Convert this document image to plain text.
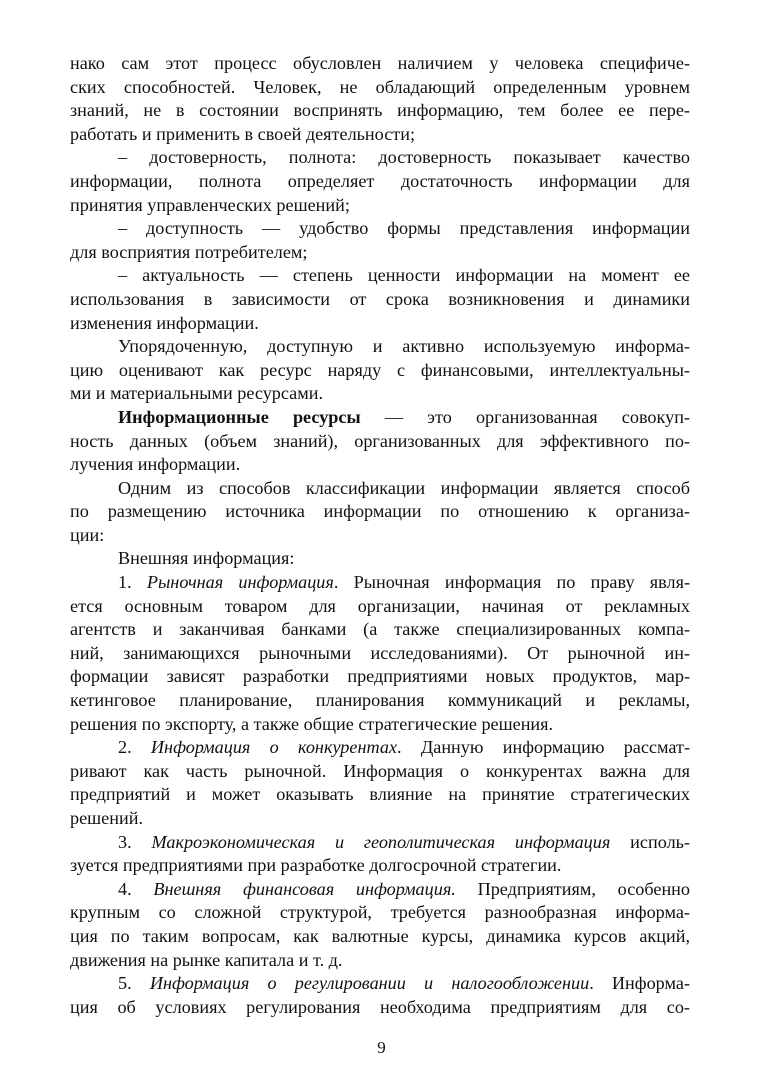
нако сам этот процесс обусловлен наличием у человека специфиче-
ских способностей. Человек, не обладающий определенным уровнем
знаний, не в состоянии воспринять информацию, тем более ее пере-
работать и применить в своей деятельности;
– достоверность, полнота: достоверность показывает качество
информации, полнота определяет достаточность информации для
принятия управленческих решений;
– доступность — удобство формы представления информации
для восприятия потребителем;
– актуальность — степень ценности информации на момент ее
использования в зависимости от срока возникновения и динамики
изменения информации.
Упорядоченную, доступную и активно используемую информа-
цию оценивают как ресурс наряду с финансовыми, интеллектуальны-
ми и материальными ресурсами.
Информационные ресурсы — это организованная совокуп-
ность данных (объем знаний), организованных для эффективного по-
лучения информации.
Одним из способов классификации информации является способ
по размещению источника информации по отношению к организа-
ции:
Внешняя информация:
1. Рыночная информация. Рыночная информация по праву явля-
ется основным товаром для организации, начиная от рекламных
агентств и заканчивая банками (а также специализированных компа-
ний, занимающихся рыночными исследованиями). От рыночной ин-
формации зависят разработки предприятиями новых продуктов, мар-
кетинговое планирование, планирования коммуникаций и рекламы,
решения по экспорту, а также общие стратегические решения.
2. Информация о конкурентах. Данную информацию рассмат-
ривают как часть рыночной. Информация о конкурентах важна для
предприятий и может оказывать влияние на принятие стратегических
решений.
3. Макроэкономическая и геополитическая информация исполь-
зуется предприятиями при разработке долгосрочной стратегии.
4. Внешняя финансовая информация. Предприятиям, особенно
крупным со сложной структурой, требуется разнообразная информа-
ция по таким вопросам, как валютные курсы, динамика курсов акций,
движения на рынке капитала и т. д.
5. Информация о регулировании и налогообложении. Информа-
ция об условиях регулирования необходима предприятиям для со-
9
